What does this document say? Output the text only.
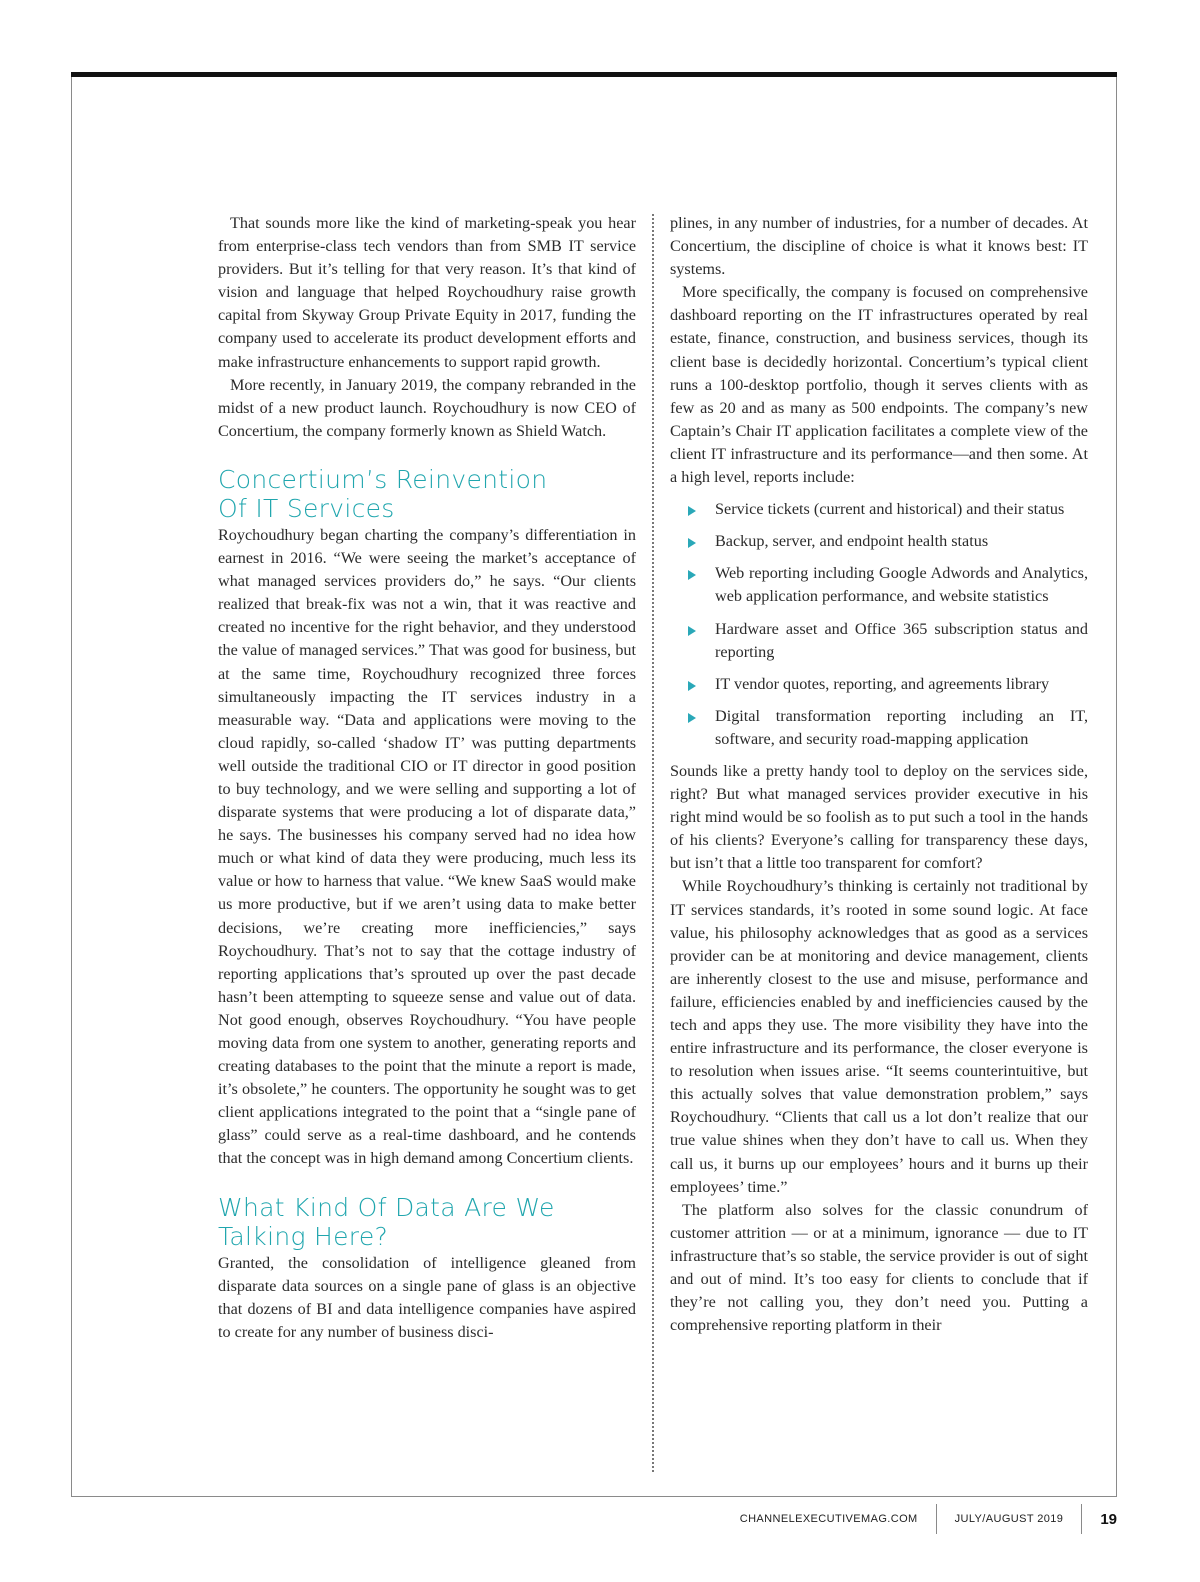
That sounds more like the kind of marketing-speak you hear from enterprise-class tech vendors than from SMB IT service providers. But it’s telling for that very reason. It’s that kind of vision and language that helped Roychoudhury raise growth capital from Skyway Group Private Equity in 2017, funding the company used to accelerate its product development efforts and make infrastructure enhancements to support rapid growth.

More recently, in January 2019, the company rebranded in the midst of a new product launch. Roychoudhury is now CEO of Concertium, the company formerly known as Shield Watch.

Concertium’s Reinvention
Of IT Services

Roychoudhury began charting the company’s differentiation in earnest in 2016. “We were seeing the market’s acceptance of what managed services providers do,” he says. “Our clients realized that break-fix was not a win, that it was reactive and created no incentive for the right behavior, and they understood the value of managed services.” That was good for business, but at the same time, Roychoudhury recognized three forces simultaneously impacting the IT services industry in a measurable way. “Data and applications were moving to the cloud rapidly, so-called ‘shadow IT’ was putting departments well outside the traditional CIO or IT director in good position to buy technology, and we were selling and supporting a lot of disparate systems that were producing a lot of disparate data,” he says. The businesses his company served had no idea how much or what kind of data they were producing, much less its value or how to harness that value. “We knew SaaS would make us more productive, but if we aren’t using data to make better decisions, we’re creating more inefficiencies,” says Roychoudhury. That’s not to say that the cottage industry of reporting applications that’s sprouted up over the past decade hasn’t been attempting to squeeze sense and value out of data. Not good enough, observes Roychoudhury. “You have people moving data from one system to another, generating reports and creating databases to the point that the minute a report is made, it’s obsolete,” he counters. The opportunity he sought was to get client applications integrated to the point that a “single pane of glass” could serve as a real-time dashboard, and he contends that the concept was in high demand among Concertium clients.

What Kind Of Data Are We
Talking Here?

Granted, the consolidation of intelligence gleaned from disparate data sources on a single pane of glass is an objective that dozens of BI and data intelligence companies have aspired to create for any number of business disci-

plines, in any number of industries, for a number of decades. At Concertium, the discipline of choice is what it knows best: IT systems.

More specifically, the company is focused on comprehensive dashboard reporting on the IT infrastructures operated by real estate, finance, construction, and business services, though its client base is decidedly horizontal. Concertium’s typical client runs a 100-desktop portfolio, though it serves clients with as few as 20 and as many as 500 endpoints. The company’s new Captain’s Chair IT application facilitates a complete view of the client IT infrastructure and its performance—and then some. At a high level, reports include:

Service tickets (current and historical) and their status
Backup, server, and endpoint health status
Web reporting including Google Adwords and Analytics, web application performance, and website statistics
Hardware asset and Office 365 subscription status and reporting
IT vendor quotes, reporting, and agreements library
Digital transformation reporting including an IT, software, and security road-mapping application

Sounds like a pretty handy tool to deploy on the services side, right? But what managed services provider executive in his right mind would be so foolish as to put such a tool in the hands of his clients? Everyone’s calling for transparency these days, but isn’t that a little too transparent for comfort?

While Roychoudhury’s thinking is certainly not traditional by IT services standards, it’s rooted in some sound logic. At face value, his philosophy acknowledges that as good as a services provider can be at monitoring and device management, clients are inherently closest to the use and misuse, performance and failure, efficiencies enabled by and inefficiencies caused by the tech and apps they use. The more visibility they have into the entire infrastructure and its performance, the closer everyone is to resolution when issues arise. “It seems counterintuitive, but this actually solves that value demonstration problem,” says Roychoudhury. “Clients that call us a lot don’t realize that our true value shines when they don’t have to call us. When they call us, it burns up our employees’ hours and it burns up their employees’ time.”

The platform also solves for the classic conundrum of customer attrition — or at a minimum, ignorance — due to IT infrastructure that’s so stable, the service provider is out of sight and out of mind. It’s too easy for clients to conclude that if they’re not calling you, they don’t need you. Putting a comprehensive reporting platform in their

CHANNELEXECUTIVEMAG.COM	JULY/AUGUST 2019 19
